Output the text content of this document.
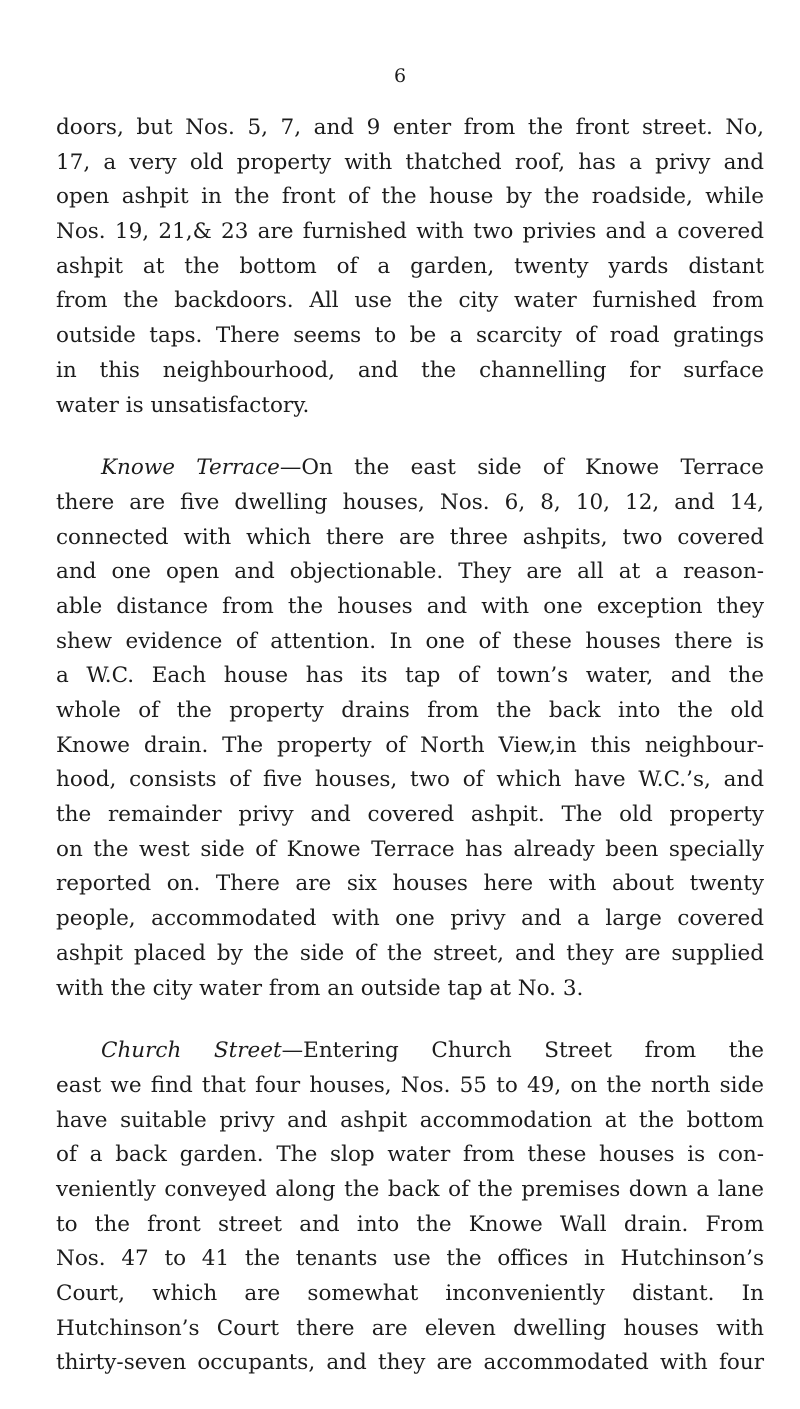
6
doors, but Nos. 5, 7, and 9 enter from the front street. No,
17, a very old property with thatched roof, has a privy and
open ashpit in the front of the house by the roadside, while
Nos. 19, 21,& 23 are furnished with two privies and a covered
ashpit at the bottom of a garden, twenty yards distant
from the backdoors. All use the city water furnished from
outside taps. There seems to be a scarcity of road gratings
in this neighbourhood, and the channelling for surface
water is unsatisfactory.
Knowe Terrace—On the east side of Knowe Terrace
there are five dwelling houses, Nos. 6, 8, 10, 12, and 14,
connected with which there are three ashpits, two covered
and one open and objectionable. They are all at a reason-
able distance from the houses and with one exception they
shew evidence of attention. In one of these houses there is
a W.C. Each house has its tap of town’s water, and the
whole of the property drains from the back into the old
Knowe drain. The property of North View,in this neighbour-
hood, consists of five houses, two of which have W.C.’s, and
the remainder privy and covered ashpit. The old property
on the west side of Knowe Terrace has already been specially
reported on. There are six houses here with about twenty
people, accommodated with one privy and a large covered
ashpit placed by the side of the street, and they are supplied
with the city water from an outside tap at No. 3.
Church Street—Entering Church Street from the
east we find that four houses, Nos. 55 to 49, on the north side
have suitable privy and ashpit accommodation at the bottom
of a back garden. The slop water from these houses is con-
veniently conveyed along the back of the premises down a lane
to the front street and into the Knowe Wall drain. From
Nos. 47 to 41 the tenants use the offices in Hutchinson’s
Court, which are somewhat inconveniently distant. In
Hutchinson’s Court there are eleven dwelling houses with
thirty-seven occupants, and they are accommodated with four
